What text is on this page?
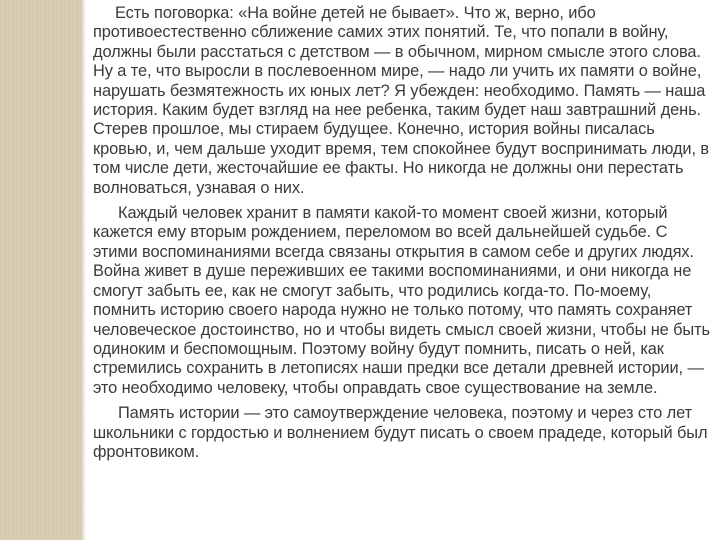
Есть поговорка: «На войне детей не бывает». Что ж, верно, ибо противоестественно сближение самих этих понятий. Те, что попали в войну, должны были расстаться с детством — в обычном, мирном смысле этого слова. Ну а те, что выросли в послевоенном мире, — надо ли учить их памяти о войне, нарушать безмятежность их юных лет? Я убежден: необходимо. Память — наша история. Каким будет взгляд на нее ребенка, таким будет наш завтрашний день. Стерев прошлое, мы стираем будущее. Конечно, история войны писалась кровью, и, чем дальше уходит время, тем спокойнее будут воспринимать люди, в том числе дети, жесточайшие ее факты. Но никогда не должны они перестать волноваться, узнавая о них.

Каждый человек хранит в памяти какой-то момент своей жизни, который кажется ему вторым рождением, переломом во всей дальнейшей судьбе. С этими воспоминаниями всегда связаны открытия в самом себе и других людях. Война живет в душе переживших ее такими воспоминаниями, и они никогда не смогут забыть ее, как не смогут забыть, что родились когда-то. По-моему, помнить историю своего народа нужно не только потому, что память сохраняет человеческое достоинство, но и чтобы видеть смысл своей жизни, чтобы не быть одиноким и беспомощным. Поэтому войну будут помнить, писать о ней, как стремились сохранить в летописях наши предки все детали древней истории, — это необходимо человеку, чтобы оправдать свое существование на земле.

Память истории — это самоутверждение человека, поэтому и через сто лет школьники с гордостью и волнением будут писать о своем прадеде, который был фронтовиком.
